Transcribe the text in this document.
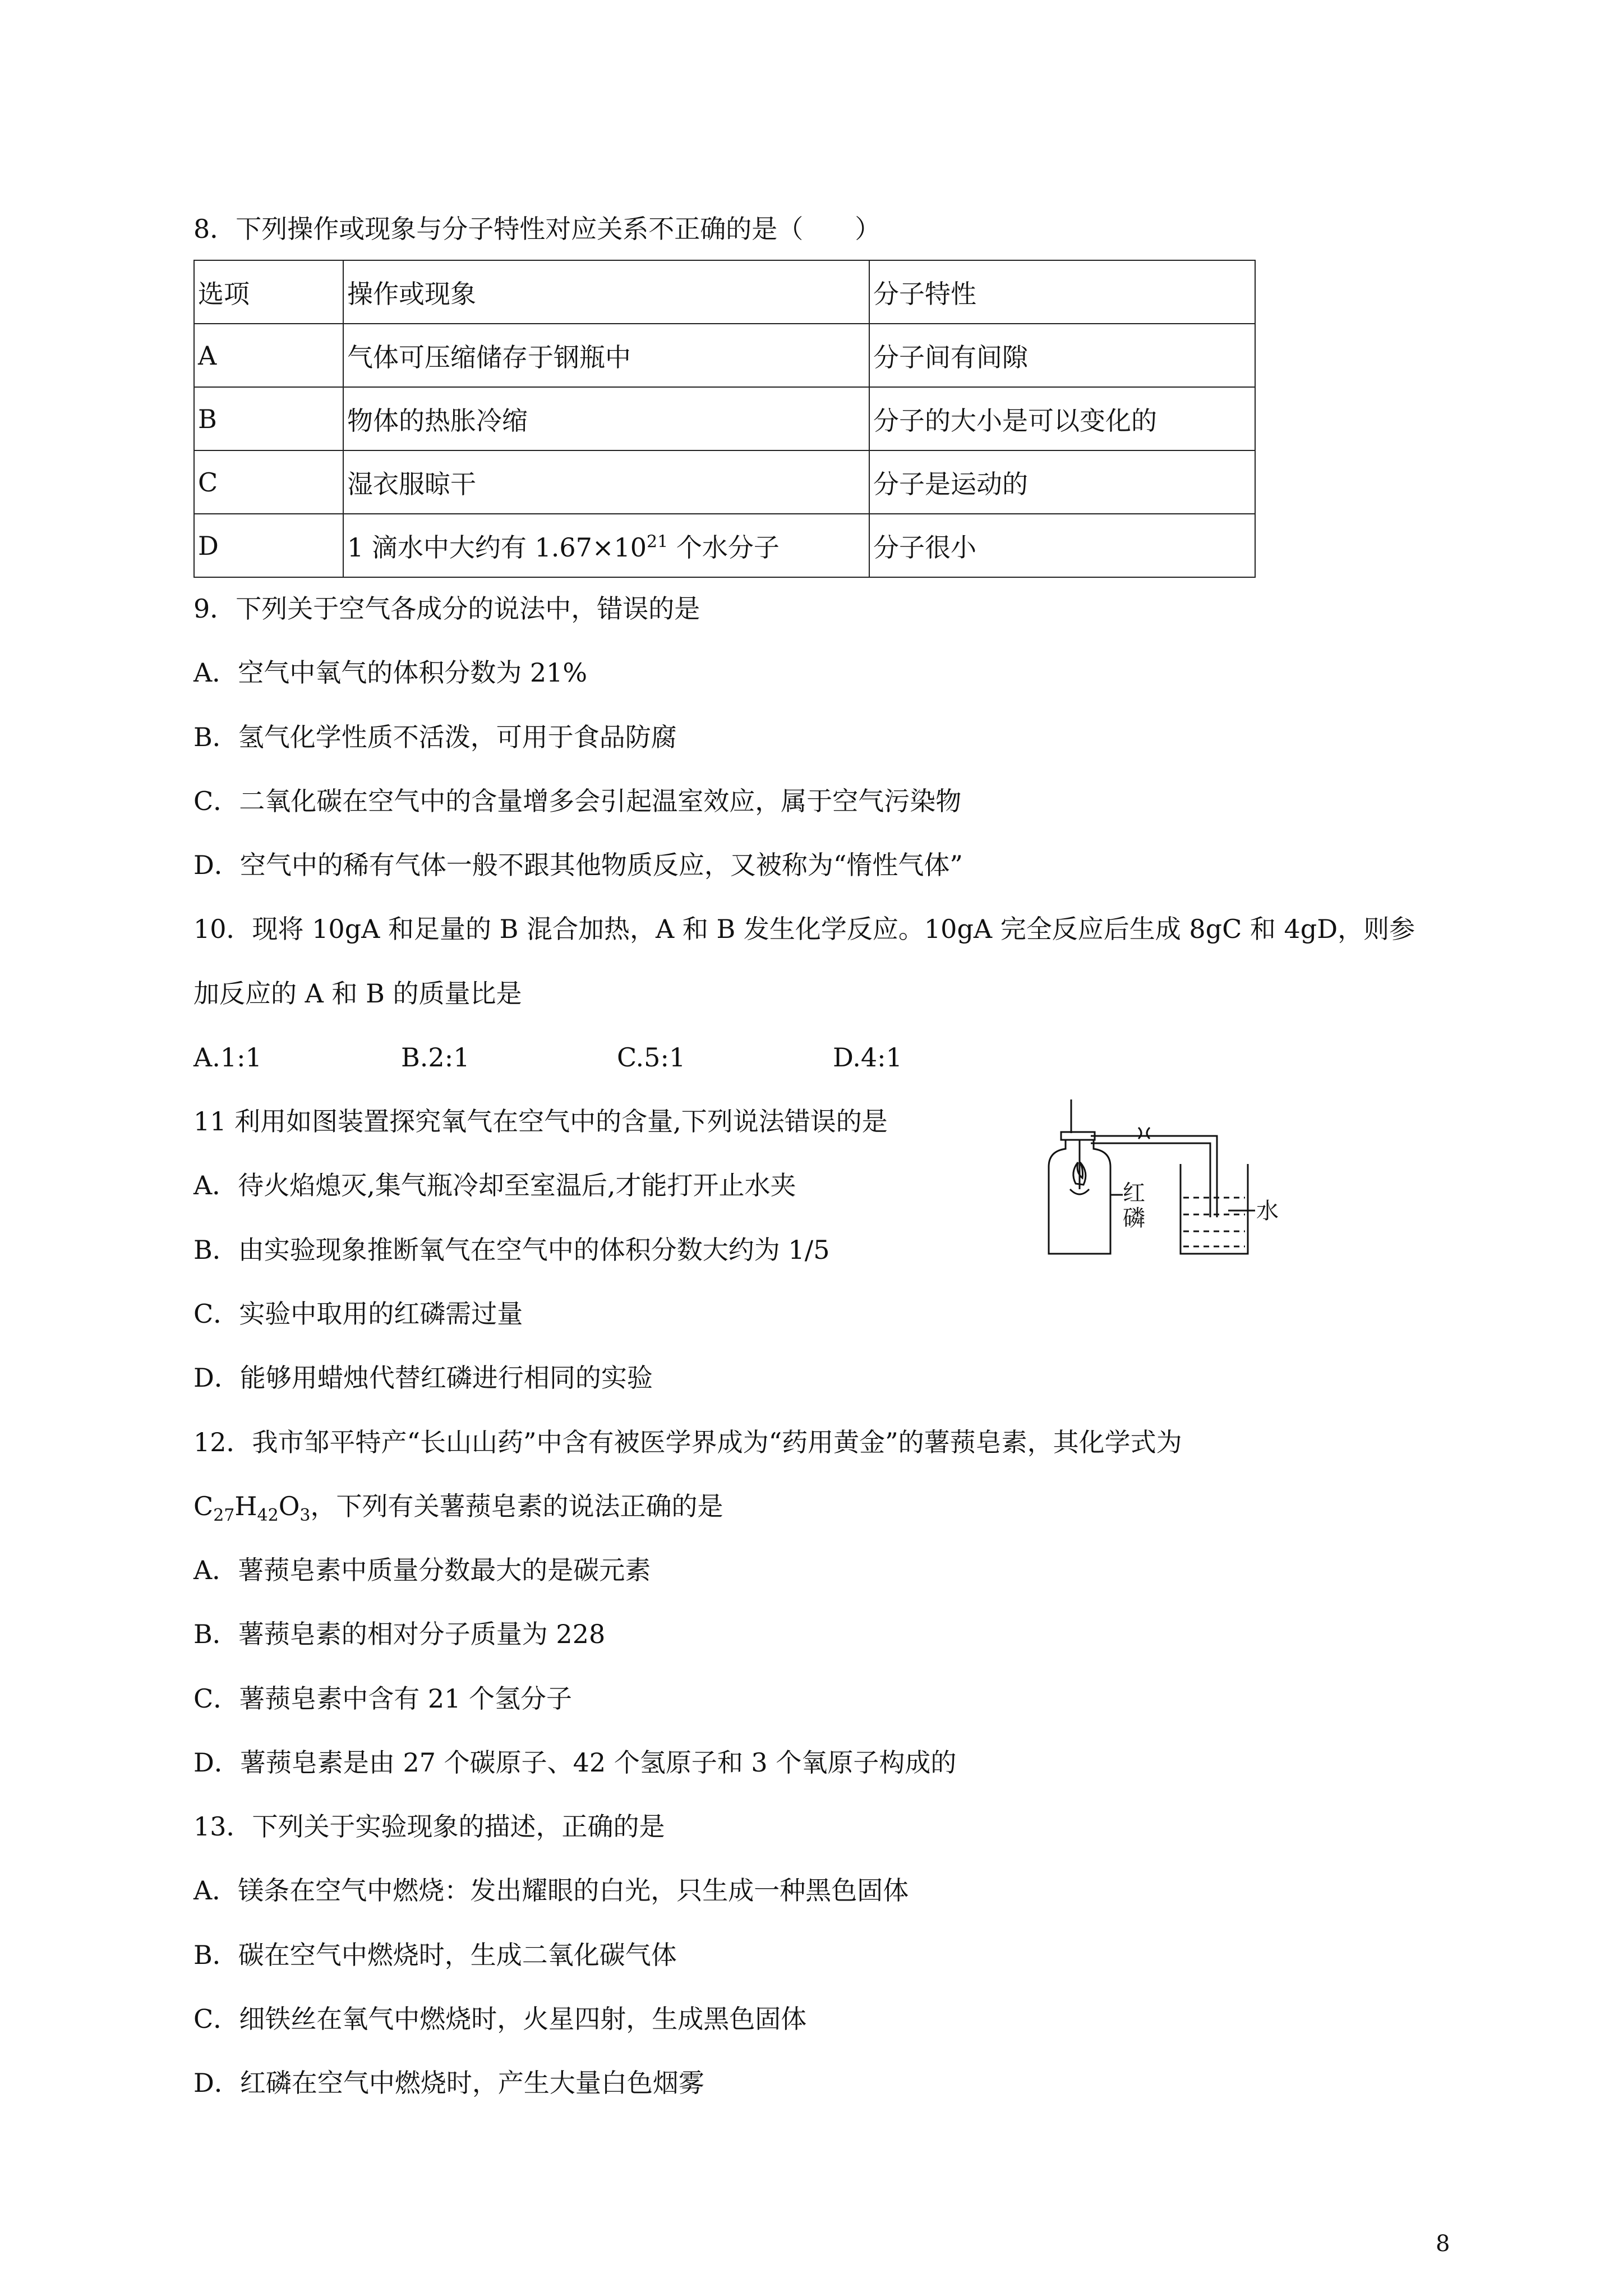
8．下列操作或现象与分子特性对应关系不正确的是（　　）
选项	操作或现象	分子特性
A	气体可压缩储存于钢瓶中	分子间有间隙
B	物体的热胀冷缩	分子的大小是可以变化的
C	湿衣服晾干	分子是运动的
D	1 滴水中大约有 $1.67\times 10^{21}$ 个水分子	分子很小
9．下列关于空气各成分的说法中，错误的是
A．空气中氧气的体积分数为 21%
B．氢气化学性质不活泼，可用于食品防腐
C．二氧化碳在空气中的含量增多会引起温室效应，属于空气污染物
D．空气中的稀有气体一般不跟其他物质反应，又被称为“惰性气体”
10．现将 10gA 和足量的 B 混合加热，A 和 B 发生化学反应。10gA 完全反应后生成 8gC 和 4gD，则参
加反应的 A 和 B 的质量比是
A.1:1	B.2:1	C.5:1	D.4:1
11 利用如图装置探究氧气在空气中的含量,下列说法错误的是
A．待火焰熄灭,集气瓶冷却至室温后,才能打开止水夹
B．由实验现象推断氧气在空气中的体积分数大约为 1/5
C．实验中取用的红磷需过量
D．能够用蜡烛代替红磷进行相同的实验
红
磷	水
12．我市邹平特产“长山山药”中含有被医学界成为“药用黄金”的薯蓣皂素，其化学式为
$C_{27}H_{42}O_3$，下列有关薯蓣皂素的说法正确的是
A．薯蓣皂素中质量分数最大的是碳元素
B．薯蓣皂素的相对分子质量为 228
C．薯蓣皂素中含有 21 个氢分子
D．薯蓣皂素是由 27 个碳原子、42 个氢原子和 3 个氧原子构成的
13．下列关于实验现象的描述，正确的是
A．镁条在空气中燃烧：发出耀眼的白光，只生成一种黑色固体
B．碳在空气中燃烧时，生成二氧化碳气体
C．细铁丝在氧气中燃烧时，火星四射，生成黑色固体
D．红磷在空气中燃烧时，产生大量白色烟雾
8
